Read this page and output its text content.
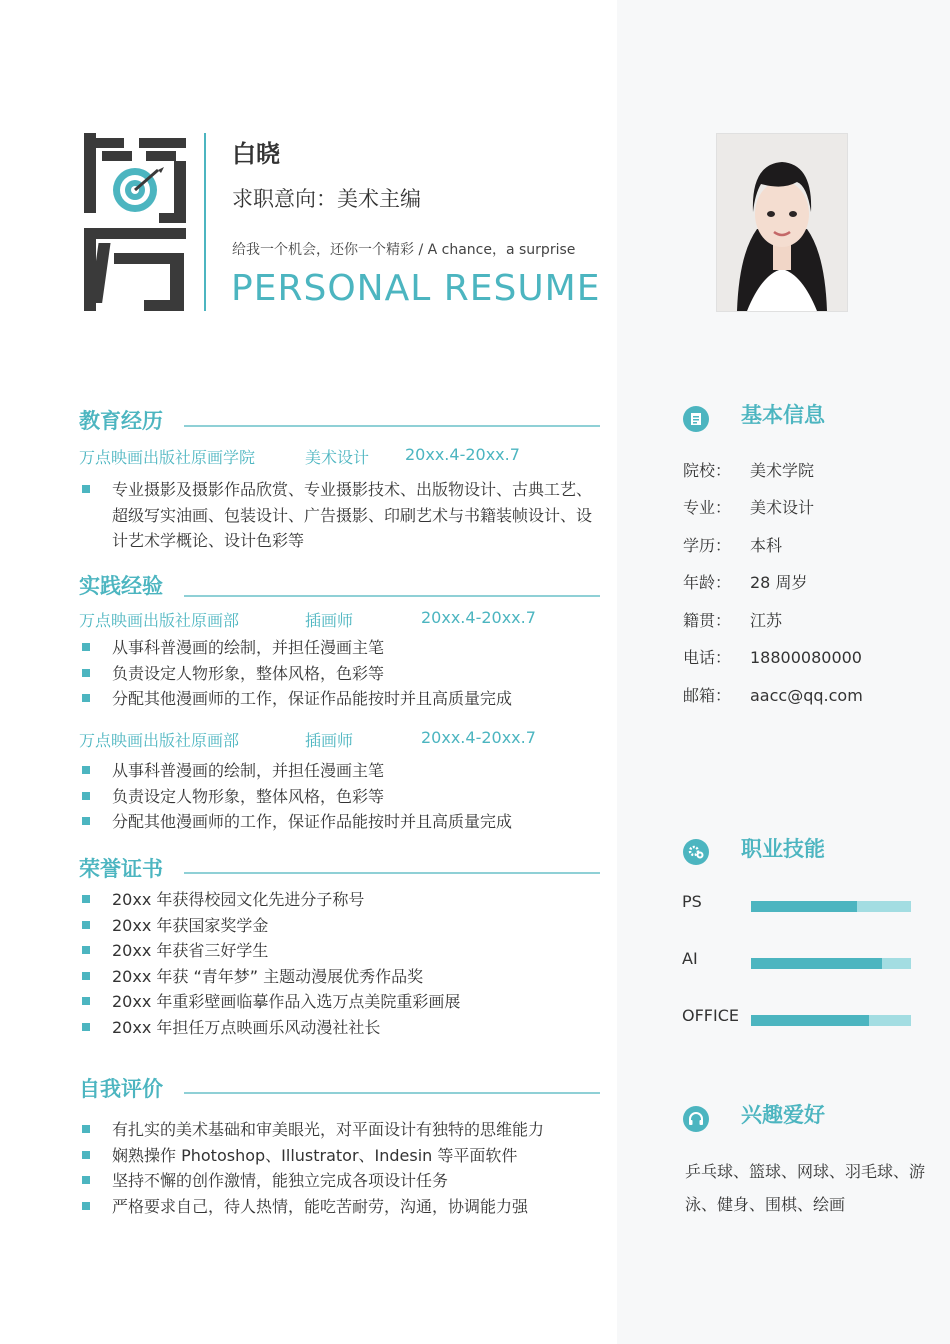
白晓
求职意向：美术主编
给我一个机会，还你一个精彩 / A chance，a surprise
PERSONAL RESUME
教育经历
万点映画出版社原画学院	美术设计 20xx.4-20xx.7
专业摄影及摄影作品欣赏、专业摄影技术、出版物设计、古典工艺、超级写实油画、包装设计、广告摄影、印刷艺术与书籍装帧设计、设计艺术学概论、设计色彩等
实践经验
万点映画出版社原画部	插画师	20xx.4-20xx.7
从事科普漫画的绘制，并担任漫画主笔
负责设定人物形象，整体风格，色彩等
分配其他漫画师的工作，保证作品能按时并且高质量完成
万点映画出版社原画部	插画师	20xx.4-20xx.7
从事科普漫画的绘制，并担任漫画主笔
负责设定人物形象，整体风格，色彩等
分配其他漫画师的工作，保证作品能按时并且高质量完成
荣誉证书
20xx 年获得校园文化先进分子称号
20xx 年获国家奖学金
20xx 年获省三好学生
20xx 年获 “青年梦” 主题动漫展优秀作品奖
20xx 年重彩壁画临摹作品入选万点美院重彩画展
20xx 年担任万点映画乐风动漫社社长
自我评价
有扎实的美术基础和审美眼光，对平面设计有独特的思维能力
娴熟操作 Photoshop、Illustrator、Indesin 等平面软件
坚持不懈的创作激情，能独立完成各项设计任务
严格要求自己，待人热情，能吃苦耐劳，沟通，协调能力强
基本信息
院校： 美术学院
专业： 美术设计
学历： 本科
年龄： 28 周岁
籍贯： 江苏
电话： 18800080000
邮箱： aacc@qq.com
职业技能
PS
AI
OFFICE
兴趣爱好
乒乓球、篮球、网球、羽毛球、游泳、健身、围棋、绘画
